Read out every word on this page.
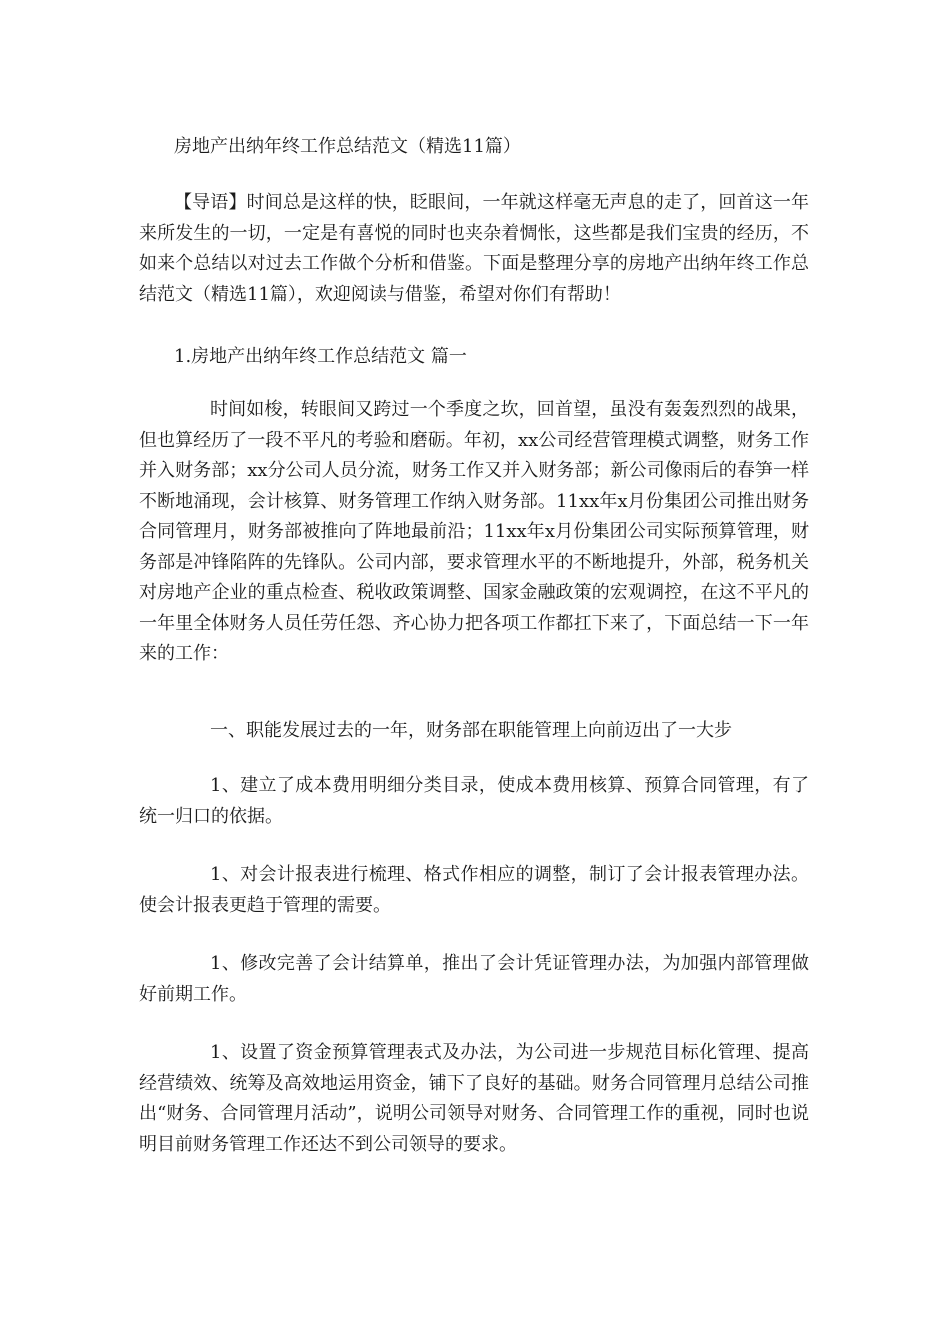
房地产出纳年终工作总结范文（精选11篇）

【导语】时间总是这样的快，眨眼间，一年就这样毫无声息的走了，回首这一年来所发生的一切，一定是有喜悦的同时也夹杂着惆怅，这些都是我们宝贵的经历，不如来个总结以对过去工作做个分析和借鉴。下面是整理分享的房地产出纳年终工作总结范文（精选11篇），欢迎阅读与借鉴，希望对你们有帮助！

1.房地产出纳年终工作总结范文 篇一

时间如梭，转眼间又跨过一个季度之坎，回首望，虽没有轰轰烈烈的战果，但也算经历了一段不平凡的考验和磨砺。年初，xx公司经营管理模式调整，财务工作并入财务部；xx分公司人员分流，财务工作又并入财务部；新公司像雨后的春笋一样不断地涌现，会计核算、财务管理工作纳入财务部。11xx年x月份集团公司推出财务合同管理月，财务部被推向了阵地最前沿；11xx年x月份集团公司实际预算管理，财务部是冲锋陷阵的先锋队。公司内部，要求管理水平的不断地提升，外部，税务机关对房地产企业的重点检查、税收政策调整、国家金融政策的宏观调控，在这不平凡的一年里全体财务人员任劳任怨、齐心协力把各项工作都扛下来了，下面总结一下一年来的工作：

一、职能发展过去的一年，财务部在职能管理上向前迈出了一大步

1、建立了成本费用明细分类目录，使成本费用核算、预算合同管理，有了统一归口的依据。

1、对会计报表进行梳理、格式作相应的调整，制订了会计报表管理办法。使会计报表更趋于管理的需要。

1、修改完善了会计结算单，推出了会计凭证管理办法，为加强内部管理做好前期工作。

1、设置了资金预算管理表式及办法，为公司进一步规范目标化管理、提高经营绩效、统筹及高效地运用资金，铺下了良好的基础。财务合同管理月总结公司推出“财务、合同管理月活动”，说明公司领导对财务、合同管理工作的重视，同时也说明目前财务管理工作还达不到公司领导的要求。
